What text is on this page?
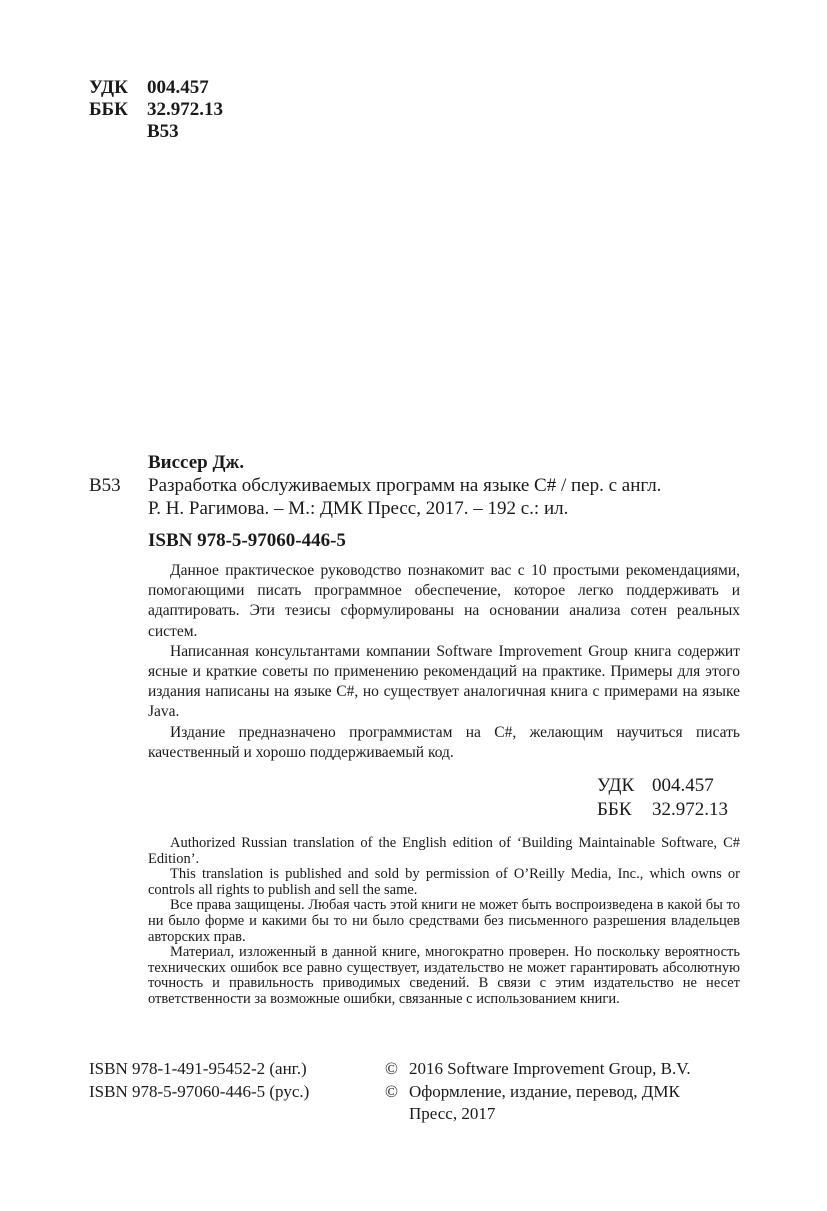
УДК 004.457
ББК 32.972.13
В53
Виссер Дж.
В53 Разработка обслуживаемых программ на языке C# / пер. с англ.
Р. Н. Рагимова. – М.: ДМК Пресс, 2017. – 192 с.: ил.
ISBN 978-5-97060-446-5

Данное практическое руководство познакомит вас с 10 простыми рекомендациями, помогающими писать программное обеспечение, которое легко поддерживать и адаптировать. Эти тезисы сформулированы на основании анализа сотен реальных систем.

Написанная консультантами компании Software Improvement Group книга содержит ясные и краткие советы по применению рекомендаций на практике. Примеры для этого издания написаны на языке C#, но существует аналогичная книга с примерами на языке Java.

Издание предназначено программистам на C#, желающим научиться писать качественный и хорошо поддерживаемый код.

УДК 004.457
ББК 32.972.13

Authorized Russian translation of the English edition of ‘Building Maintainable Software, C# Edition’.

This translation is published and sold by permission of O’Reilly Media, Inc., which owns or controls all rights to publish and sell the same.

Все права защищены. Любая часть этой книги не может быть воспроизведена в какой бы то ни было форме и какими бы то ни было средствами без письменного разрешения владельцев авторских прав.

Материал, изложенный в данной книге, многократно проверен. Но поскольку вероятность технических ошибок все равно существует, издательство не может гарантировать абсолютную точность и правильность приводимых сведений. В связи с этим издательство не несет ответственности за возможные ошибки, связанные с использованием книги.

ISBN 978-1-491-95452-2 (анг.)
ISBN 978-5-97060-446-5 (рус.)
© 2016 Software Improvement Group, B.V.
© Оформление, издание, перевод, ДМК
Пресс, 2017
